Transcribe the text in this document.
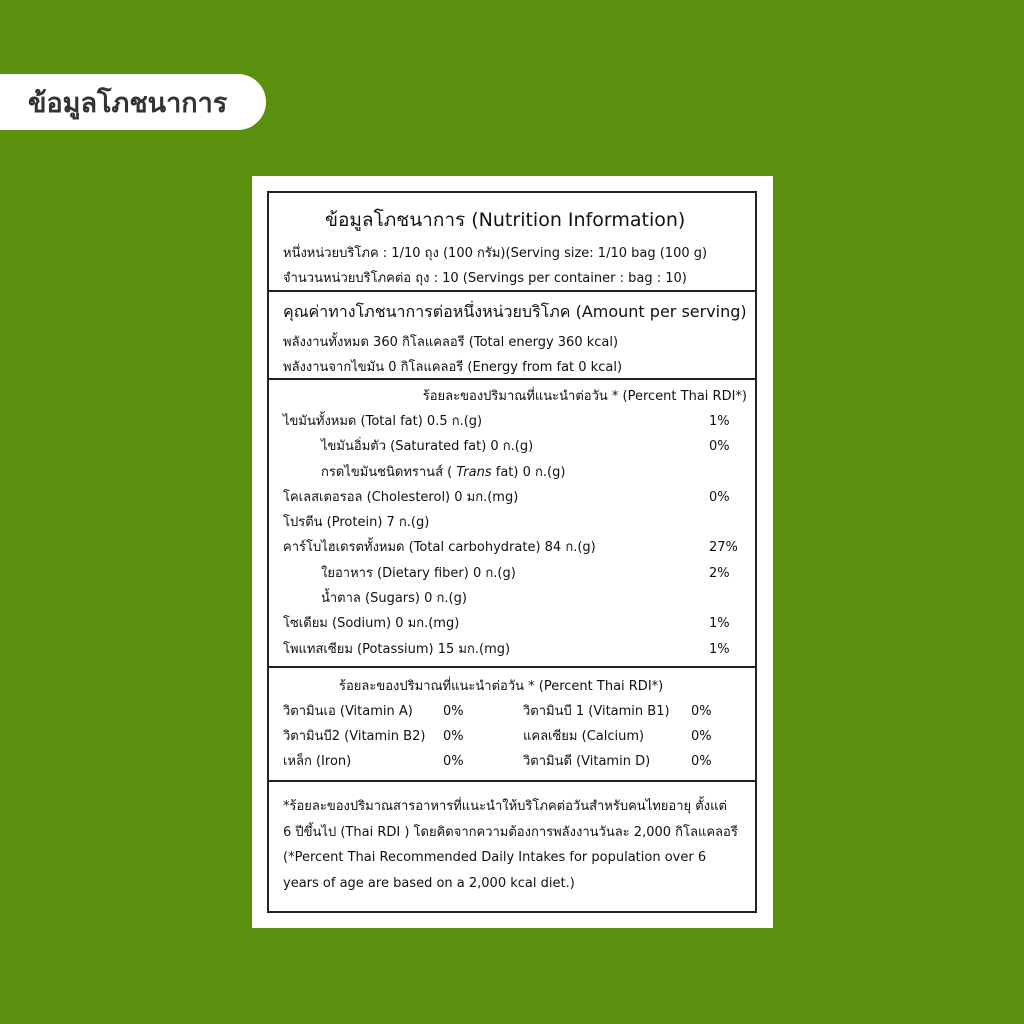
ข้อมูลโภชนาการ
ข้อมูลโภชนาการ (Nutrition Information)
หนึ่งหน่วยบริโภค : 1/10 ถุง (100 กรัม)(Serving size: 1/10 bag (100 g)
จำนวนหน่วยบริโภคต่อ ถุง : 10 (Servings per container : bag : 10)
คุณค่าทางโภชนาการต่อหนึ่งหน่วยบริโภค (Amount per serving)
พลังงานทั้งหมด 360 กิโลแคลอรี (Total energy 360 kcal)
พลังงานจากไขมัน 0 กิโลแคลอรี (Energy from fat 0 kcal)
ร้อยละของปริมาณที่แนะนำต่อวัน * (Percent Thai RDI*)
ไขมันทั้งหมด (Total fat) 0.5 ก.(g)	1%
ไขมันอิ่มตัว (Saturated fat) 0 ก.(g)	0%
กรดไขมันชนิดทรานส์ ( Trans fat) 0 ก.(g)
โคเลสเตอรอล (Cholesterol) 0 มก.(mg)	0%
โปรตีน (Protein) 7 ก.(g)
คาร์โบไฮเดรตทั้งหมด (Total carbohydrate) 84 ก.(g)	27%
ใยอาหาร (Dietary fiber) 0 ก.(g)	2%
น้ำตาล (Sugars) 0 ก.(g)
โซเดียม (Sodium) 0 มก.(mg)	1%
โพแทสเซียม (Potassium) 15 มก.(mg)	1%
ร้อยละของปริมาณที่แนะนำต่อวัน * (Percent Thai RDI*)
วิตามินเอ (Vitamin A) 0%	วิตามินบี 1 (Vitamin B1) 0%
วิตามินบี2 (Vitamin B2) 0%	แคลเซียม (Calcium)	0%
เหล็ก (Iron)	0%	วิตามินดี (Vitamin D)	0%

*ร้อยละของปริมาณสารอาหารที่แนะนำให้บริโภคต่อวันสำหรับคนไทยอายุ ตั้งแต่

6 ปีขึ้นไป (Thai RDI ) โดยคิดจากความต้องการพลังงานวันละ 2,000 กิโลแคลอรี

(*Percent Thai Recommended Daily Intakes for population over 6

years of age are based on a 2,000 kcal diet.)
